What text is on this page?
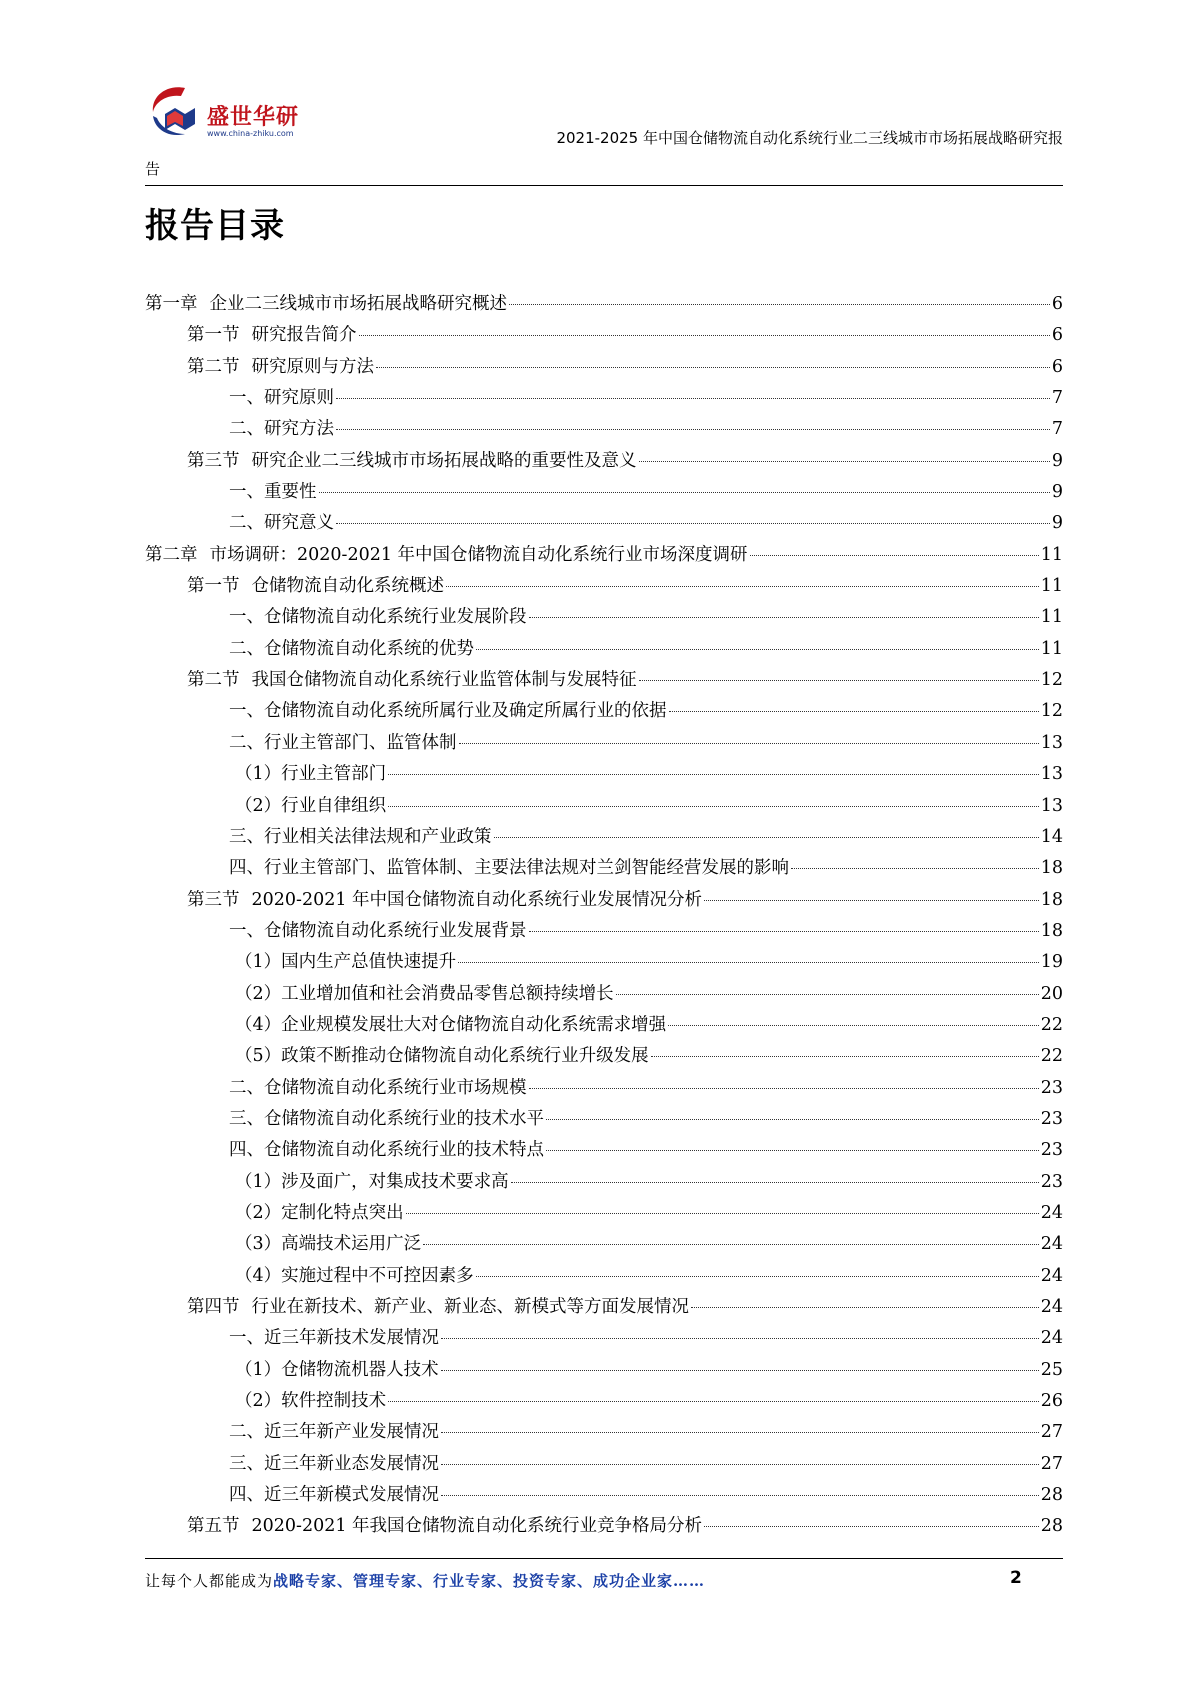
盛世华研
www.china-zhiku.com	2021-2025 年中国仓储物流自动化系统行业二三线城市市场拓展战略研究报
告
报告目录
第一章 企业二三线城市市场拓展战略研究概述	6
第一节 研究报告简介	6
第二节 研究原则与方法	6
一、研究原则	7
二、研究方法	7
第三节 研究企业二三线城市市场拓展战略的重要性及意义	9
一、重要性	9
二、研究意义	9
第二章 市场调研：2020-2021 年中国仓储物流自动化系统行业市场深度调研	11
第一节 仓储物流自动化系统概述	11
一、仓储物流自动化系统行业发展阶段	11
二、仓储物流自动化系统的优势	11
第二节 我国仓储物流自动化系统行业监管体制与发展特征	12
一、仓储物流自动化系统所属行业及确定所属行业的依据	12
二、行业主管部门、监管体制	13
（1）行业主管部门	13
（2）行业自律组织	13
三、行业相关法律法规和产业政策	14
四、行业主管部门、监管体制、主要法律法规对兰剑智能经营发展的影响	18
第三节 2020-2021 年中国仓储物流自动化系统行业发展情况分析	18
一、仓储物流自动化系统行业发展背景	18
（1）国内生产总值快速提升	19
（2）工业增加值和社会消费品零售总额持续增长	20
（4）企业规模发展壮大对仓储物流自动化系统需求增强	22
（5）政策不断推动仓储物流自动化系统行业升级发展	22
二、仓储物流自动化系统行业市场规模	23
三、仓储物流自动化系统行业的技术水平	23
四、仓储物流自动化系统行业的技术特点	23
（1）涉及面广，对集成技术要求高	23
（2）定制化特点突出	24
（3）高端技术运用广泛	24
（4）实施过程中不可控因素多	24
第四节 行业在新技术、新产业、新业态、新模式等方面发展情况	24
一、近三年新技术发展情况	24
（1）仓储物流机器人技术	25
（2）软件控制技术	26
二、近三年新产业发展情况	27
三、近三年新业态发展情况	27
四、近三年新模式发展情况	28
第五节 2020-2021 年我国仓储物流自动化系统行业竞争格局分析	28
让每个人都能成为战略专家、管理专家、行业专家、投资专家、成功企业家……	2
